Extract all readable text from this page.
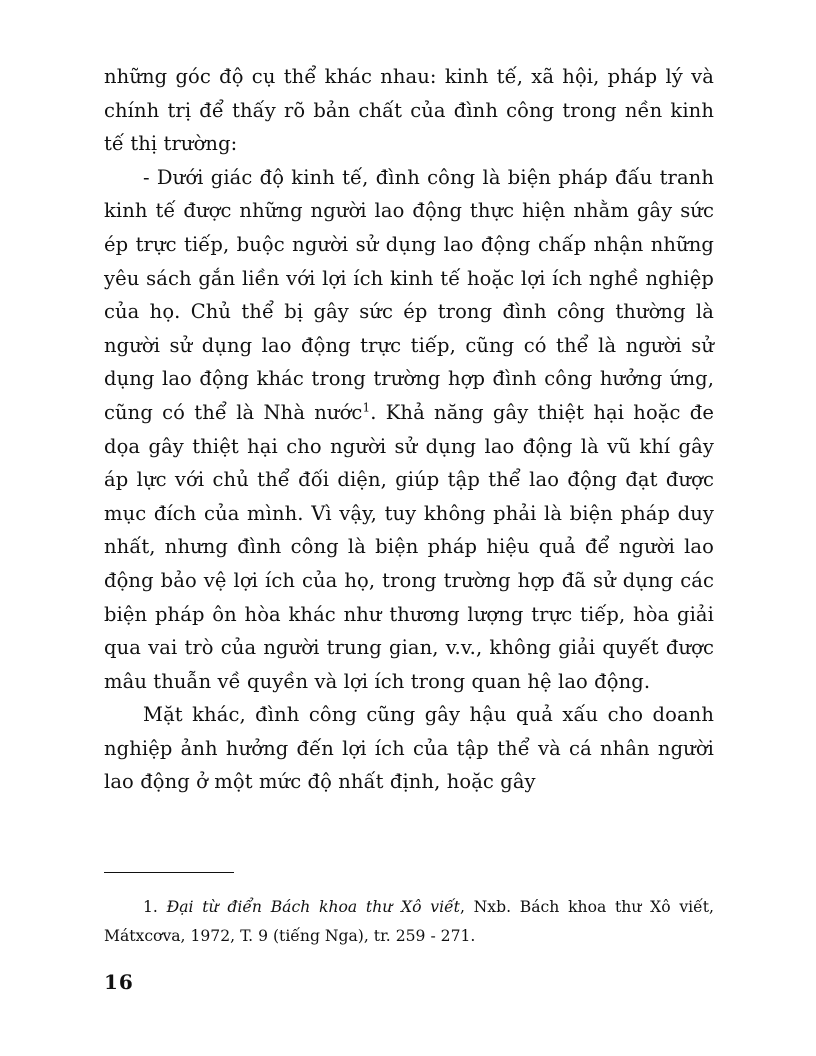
những góc độ cụ thể khác nhau: kinh tế, xã hội, pháp lý và chính trị để thấy rõ bản chất của đình công trong nền kinh tế thị trường:

- Dưới giác độ kinh tế, đình công là biện pháp đấu tranh kinh tế được những người lao động thực hiện nhằm gây sức ép trực tiếp, buộc người sử dụng lao động chấp nhận những yêu sách gắn liền với lợi ích kinh tế hoặc lợi ích nghề nghiệp của họ. Chủ thể bị gây sức ép trong đình công thường là người sử dụng lao động trực tiếp, cũng có thể là người sử dụng lao động khác trong trường hợp đình công hưởng ứng, cũng có thể là Nhà nước$^1$. Khả năng gây thiệt hại hoặc đe dọa gây thiệt hại cho người sử dụng lao động là vũ khí gây áp lực với chủ thể đối diện, giúp tập thể lao động đạt được mục đích của mình. Vì vậy, tuy không phải là biện pháp duy nhất, nhưng đình công là biện pháp hiệu quả để người lao động bảo vệ lợi ích của họ, trong trường hợp đã sử dụng các biện pháp ôn hòa khác như thương lượng trực tiếp, hòa giải qua vai trò của người trung gian, v.v., không giải quyết được mâu thuẫn về quyền và lợi ích trong quan hệ lao động.

Mặt khác, đình công cũng gây hậu quả xấu cho doanh nghiệp ảnh hưởng đến lợi ích của tập thể và cá nhân người lao động ở một mức độ nhất định, hoặc gây

1. Đại từ điển Bách khoa thư Xô viết, Nxb. Bách khoa thư Xô viết, Mátxcơva, 1972, T. 9 (tiếng Nga), tr. 259 - 271.
16
